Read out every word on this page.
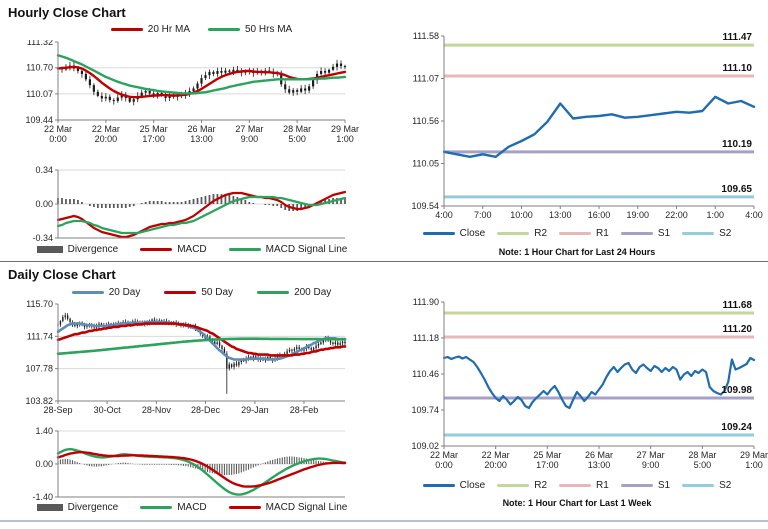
Hourly Close Chart
20 Hr MA	50 Hrs MA
111.32
110.70
110.07
109.44
22 Mar
0:00
22 Mar
20:00
25 Mar
17:00
26 Mar
13:00
27 Mar
9:00
28 Mar
5:00
29 Mar
1:00
0.34
0.00
-0.34
Divergence	MACD	MACD Signal Line
111.47
111.10
110.19
109.65
111.58
111.07
110.56
110.05
109.54
4:00 7:00 10:00 13:00 16:00 19:00 22:00 1:00 4:00
Close	R2	R1	S1	S2
Note: 1 Hour Chart for Last 24 Hours
Daily Close Chart
20 Day	50 Day	200 Day
115.70
111.74
107.78
103.82
28-Sep 30-Oct 28-Nov 28-Dec 29-Jan 28-Feb
1.40
0.00
-1.40
Divergence	MACD	MACD Signal Line
111.68
111.20
109.98
109.24
111.90
111.18
110.46
109.74
109.02
22 Mar
0:00
22 Mar
20:00
25 Mar
17:00
26 Mar
13:00
27 Mar
9:00
28 Mar
5:00
29 Mar
1:00
Close	R2	R1	S1	S2
Note: 1 Hour Chart for Last 1 Week
